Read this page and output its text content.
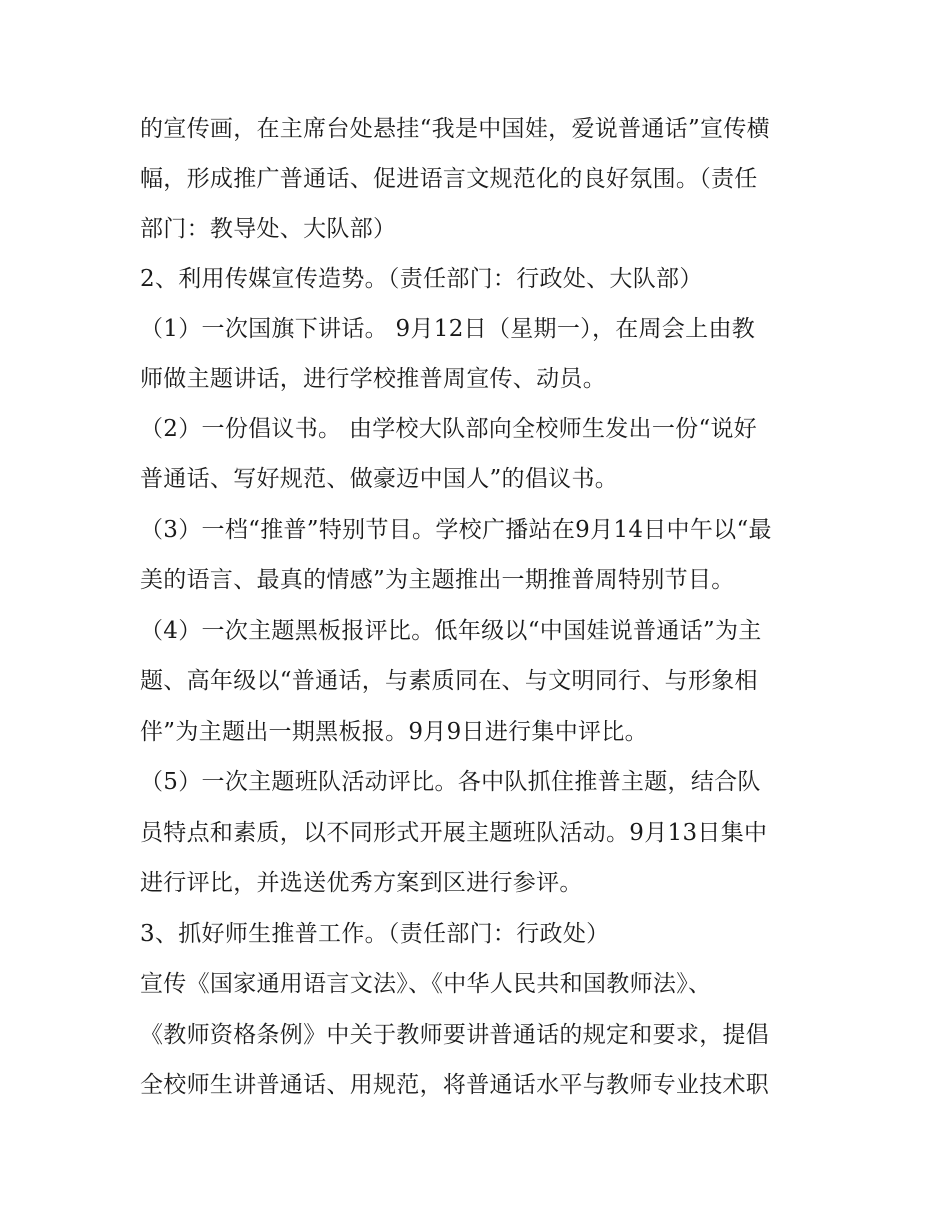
的宣传画，在主席台处悬挂“我是中国娃，爱说普通话”宣传横

幅，形成推广普通话、促进语言文规范化的良好氛围。（责任

部门：教导处、大队部）

2、利用传媒宣传造势。（责任部门：行政处、大队部）

（1）一次国旗下讲话。 9月12日（星期一），在周会上由教

师做主题讲话，进行学校推普周宣传、动员。

（2）一份倡议书。 由学校大队部向全校师生发出一份“说好

普通话、写好规范、做豪迈中国人”的倡议书。

（3）一档“推普”特别节目。学校广播站在9月14日中午以“最

美的语言、最真的情感”为主题推出一期推普周特别节目。

（4）一次主题黑板报评比。低年级以“中国娃说普通话”为主

题、高年级以“普通话，与素质同在、与文明同行、与形象相

伴”为主题出一期黑板报。9月9日进行集中评比。

（5）一次主题班队活动评比。各中队抓住推普主题，结合队

员特点和素质，以不同形式开展主题班队活动。9月13日集中

进行评比，并选送优秀方案到区进行参评。

3、抓好师生推普工作。（责任部门：行政处）

宣传《国家通用语言文法》、《中华人民共和国教师法》、

《教师资格条例》中关于教师要讲普通话的规定和要求，提倡

全校师生讲普通话、用规范，将普通话水平与教师专业技术职
